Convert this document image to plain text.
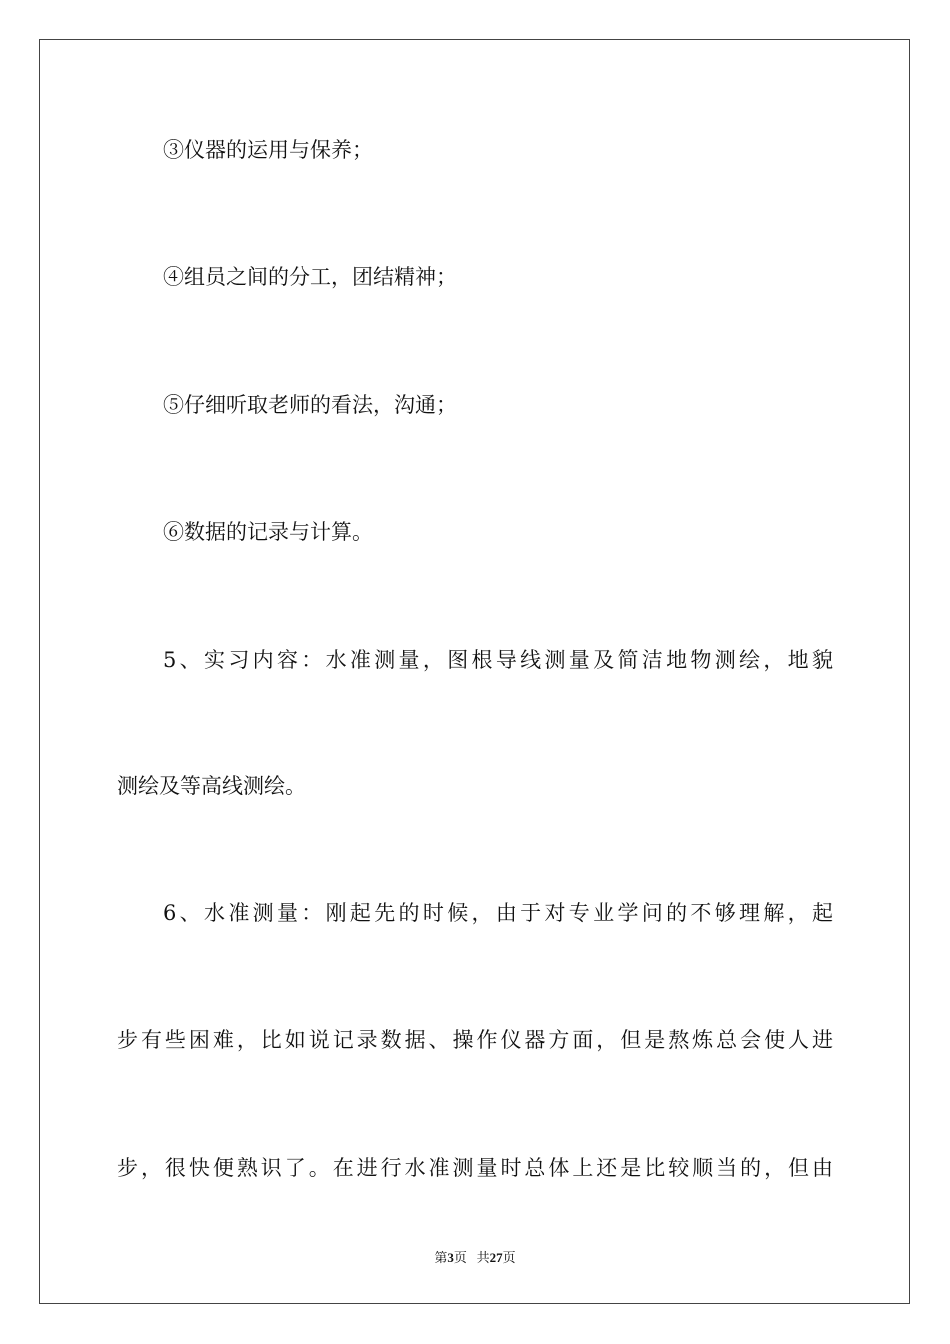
③仪器的运用与保养；
④组员之间的分工，团结精神；
⑤仔细听取老师的看法，沟通；
⑥数据的记录与计算。
5、实习内容：水准测量，图根导线测量及简洁地物测绘，地貌
测绘及等高线测绘。
6、水准测量：刚起先的时候，由于对专业学问的不够理解，起
步有些困难，比如说记录数据、操作仪器方面，但是熬炼总会使人进
步，很快便熟识了。在进行水准测量时总体上还是比较顺当的，但由
第3页 共27页
